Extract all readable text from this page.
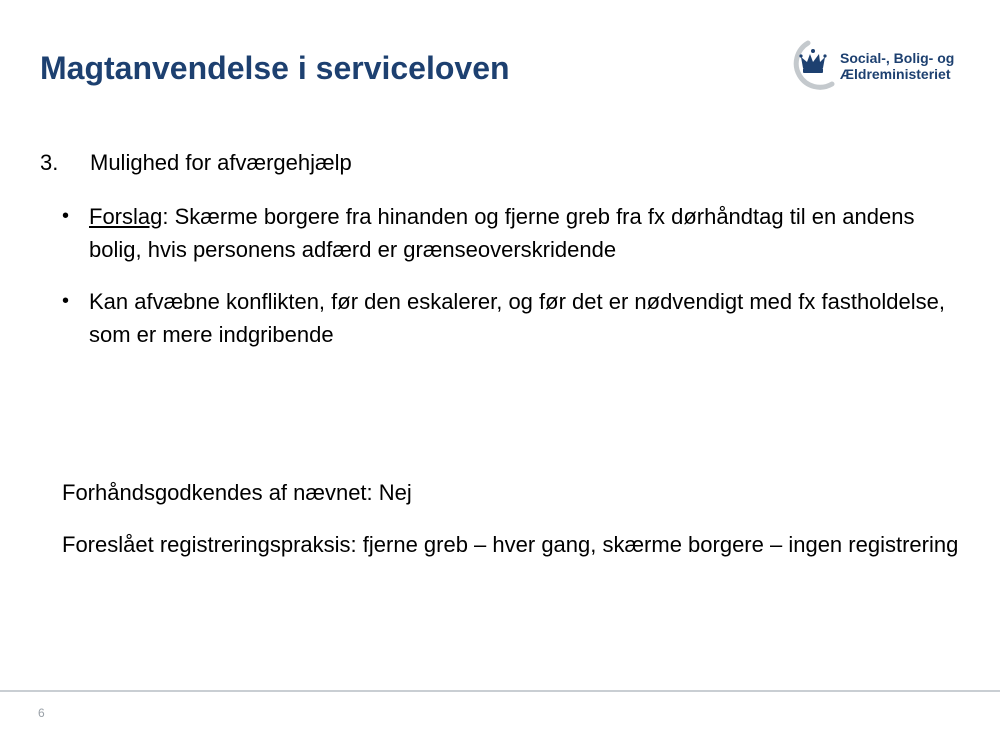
Magtanvendelse i serviceloven	Social-, Bolig- og
Ældreministeriet
3. Mulighed for afværgehjælp
• Forslag: Skærme borgere fra hinanden og fjerne greb fra fx dørhåndtag til en andens bolig, hvis personens adfærd er grænseoverskridende
• Kan afvæbne konflikten, før den eskalerer, og før det er nødvendigt med fx fastholdelse, som er mere indgribende
Forhåndsgodkendes af nævnet: Nej
Foreslået registreringspraksis: fjerne greb – hver gang, skærme borgere – ingen registrering
6
